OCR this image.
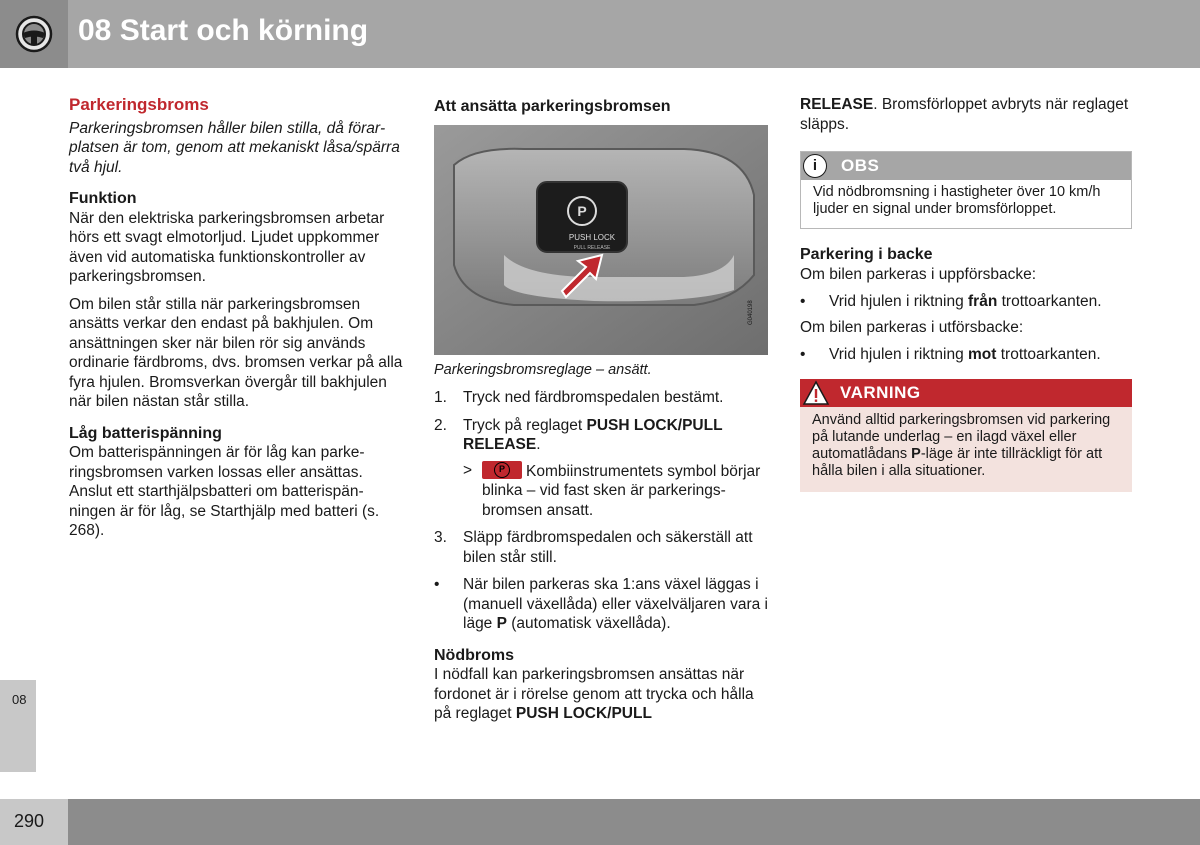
08 Start och körning
Parkeringsbroms

Parkeringsbromsen håller bilen stilla, då förarplatsen är tom, genom att mekaniskt låsa/spärra två hjul.

Funktion

När den elektriska parkeringsbromsen arbetar hörs ett svagt elmotorljud. Ljudet uppkommer även vid automatiska funktionskontroller av parkeringsbromsen.

Om bilen står stilla när parkeringsbromsen ansätts verkar den endast på bakhjulen. Om ansättningen sker när bilen rör sig används ordinarie färdbroms, dvs. bromsen verkar på alla fyra hjulen. Bromsverkan övergår till bakhjulen när bilen nästan står stilla.

Låg batterispänning

Om batterispänningen är för låg kan parkeringsbromsen varken lossas eller ansättas. Anslut ett starthjälpsbatteri om batterispänningen är för låg, se Starthjälp med batteri (s. 268).

Att ansätta parkeringsbromsen
P
PUSH LOCK
PULL RELEASE
G040198
Parkeringsbromsreglage – ansätt.
1. Tryck ned färdbromspedalen bestämt.
2. Tryck på reglaget PUSH LOCK/PULL RELEASE.
>	P	Kombiinstrumentets symbol börjar blinka – vid fast sken är parkeringsbromsen ansatt.
3. Släpp färdbromspedalen och säkerställ att bilen står still.
• När bilen parkeras ska 1:ans växel läggas i (manuell växellåda) eller växelväljaren vara i läge P (automatisk växellåda).
Nödbroms

I nödfall kan parkeringsbromsen ansättas när fordonet är i rörelse genom att trycka och hålla på reglaget PUSH LOCK/PULL

RELEASE. Bromsförloppet avbryts när reglaget släpps.

i	OBS
Vid nödbromsning i hastigheter över 10 km/h ljuder en signal under bromsförloppet.
Parkering i backe

Om bilen parkeras i uppförsbacke:

• Vrid hjulen i riktning från trottoarkanten.

Om bilen parkeras i utförsbacke:

• Vrid hjulen i riktning mot trottoarkanten.
VARNING
Använd alltid parkeringsbromsen vid parkering på lutande underlag – en ilagd växel eller automatlådans P-läge är inte tillräckligt för att hålla bilen i alla situationer.
08
290
